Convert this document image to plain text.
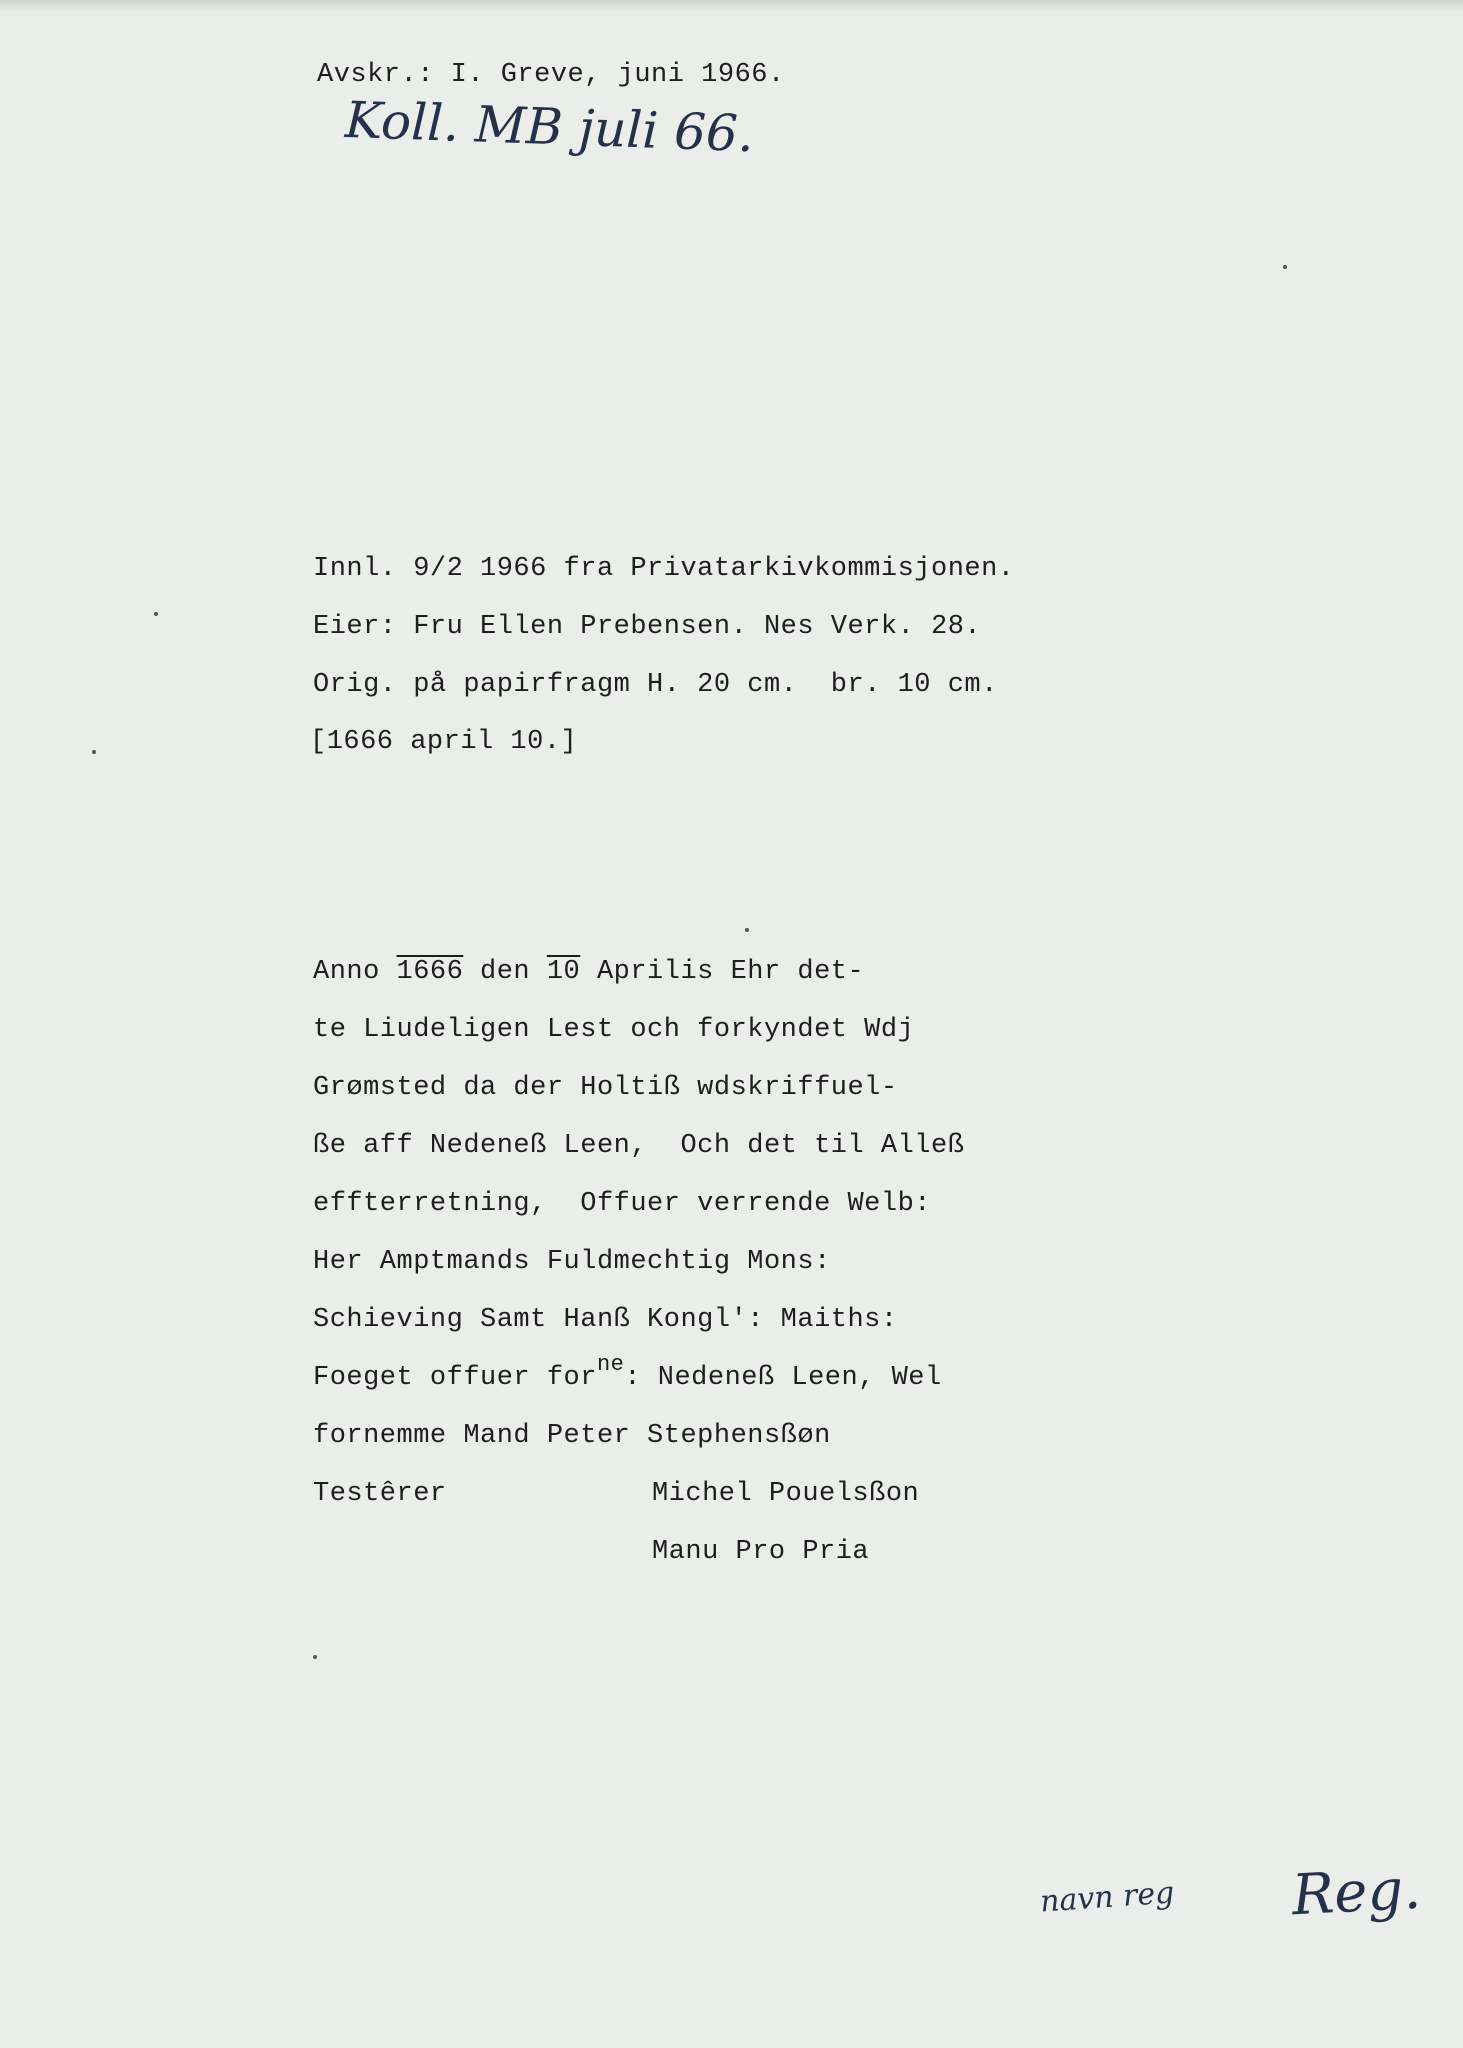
Avskr.: I. Greve, juni 1966.
Koll. MB juli 66.
Innl. 9/2 1966 fra Privatarkivkommisjonen.
Eier: Fru Ellen Prebensen. Nes Verk. 28.
Orig. på papirfragm H. 20 cm.  br. 10 cm.
[1666 april 10.]
Anno 1666 den 10 Aprilis Ehr det-
te Liudeligen Lest och forkyndet Wdj
Grømsted da der Holtiß wdskriffuel-
ße aff Nedeneß Leen,  Och det til Alleß
effterretning,  Offuer verrende Welb:
Her Amptmands Fuldmechtig Mons:
Schieving Samt Hanß Kongl': Maiths:
Foeget offuer for$^{ne}$: Nedeneß Leen, Wel
fornemme Mand Peter Stephensßøn
Testêrer	Michel Pouelsßon
Manu Pro Pria
navn reg Reg.
